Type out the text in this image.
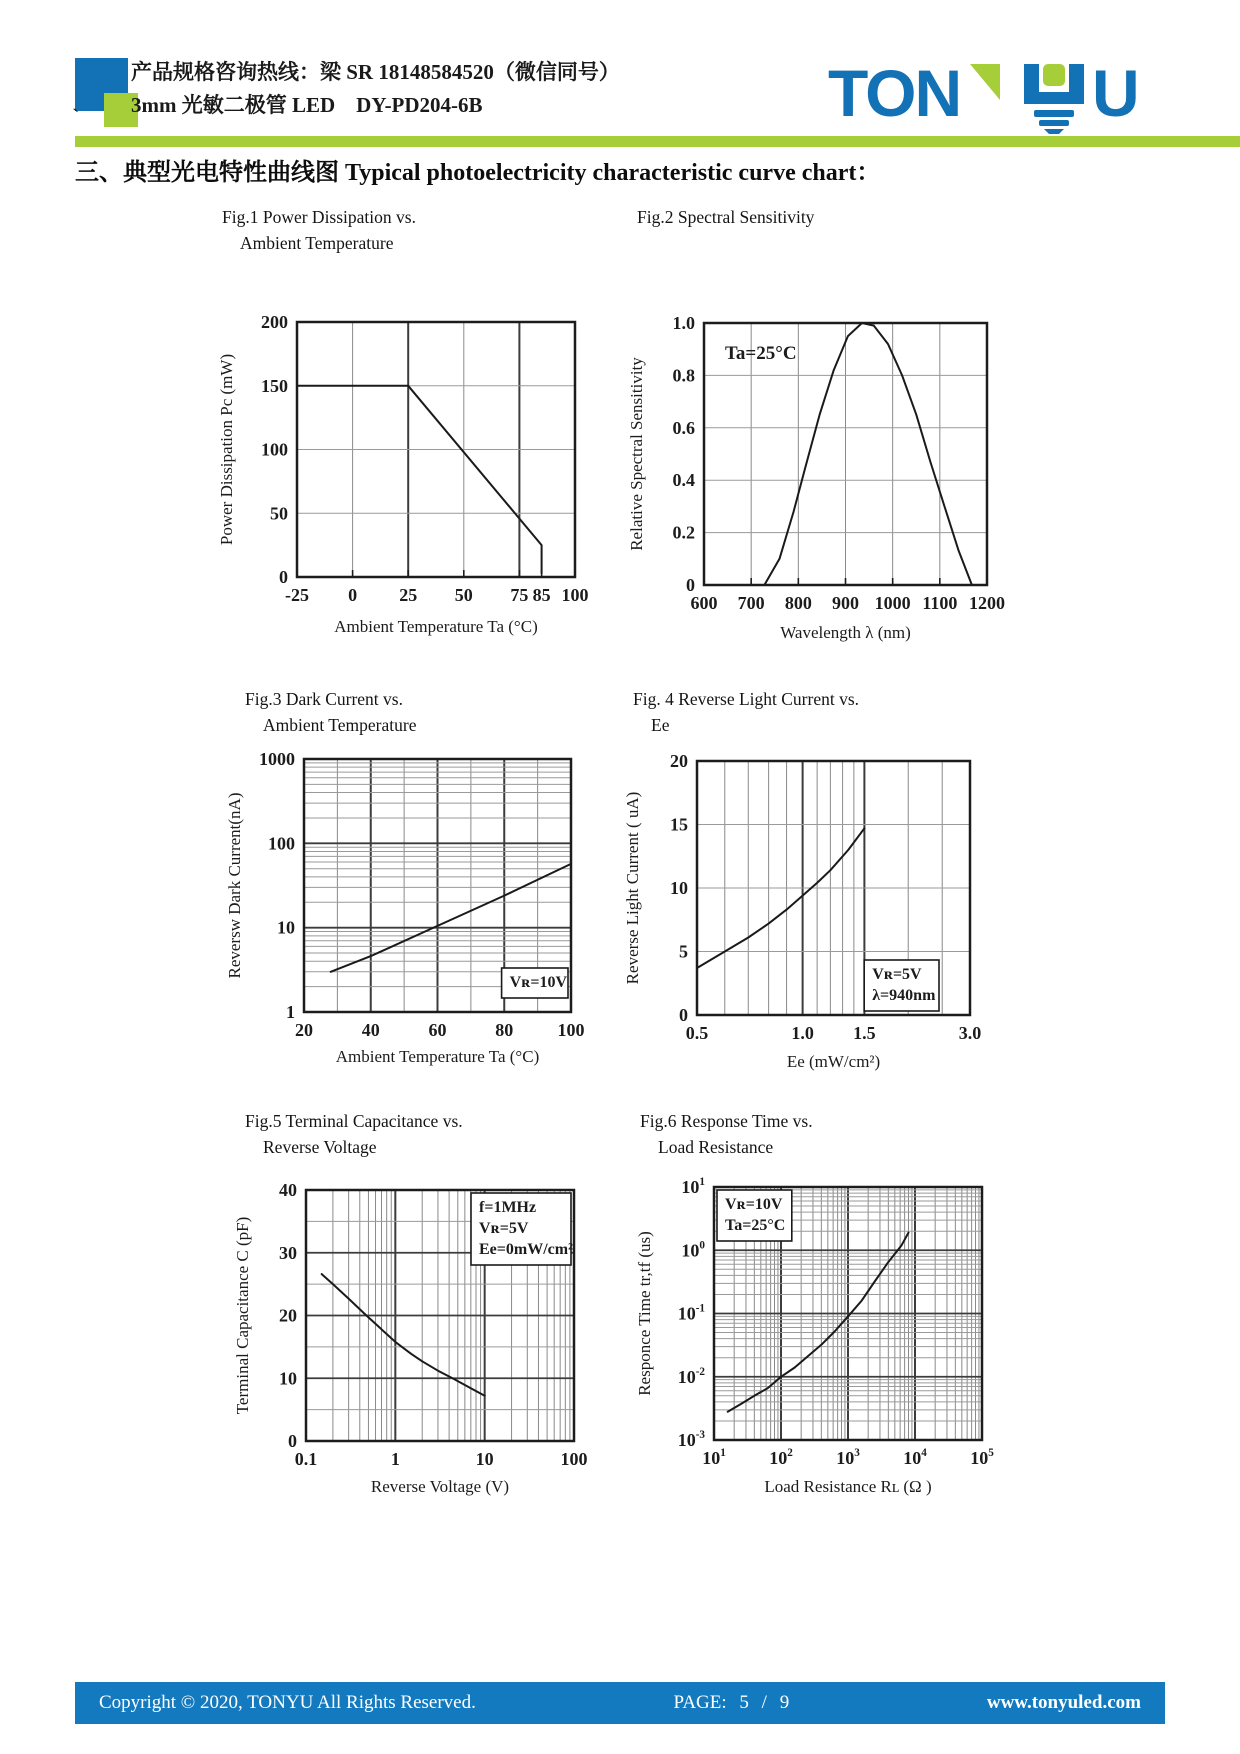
产品规格咨询热线：梁 SR 18148584520（微信同号）
3mm 光敏二极管 LED　DY-PD204-6B
`	TON U
三、典型光电特性曲线图 Typical photoelectricity characteristic curve chart：
Fig.1 Power Dissipation vs.
Ambient Temperature
Fig.2 Spectral Sensitivity
Fig.3 Dark Current vs.
Ambient Temperature
Fig. 4 Reverse Light Current vs.
Ee
Fig.5 Terminal Capacitance vs.
Reverse Voltage
Fig.6 Response Time vs.
Load Resistance
-25 0 25 50 75 85 100
0
50
100
150
200
Ambient Temperature Ta (°C)
Power Dissipation Pc (mW)
600 700 800 900 1000 1100 1200
0
0.2
0.4
0.6
0.8
1.0
Wavelength λ (nm)
Relative Spectral Sensitivity
Ta=25°C
20	40	60	80 100
1
10
100
1000
Ambient Temperature Ta (°C)
Reversw Dark Current(nA)
Vʀ=10V
0.5	1.0 1.5	3.0
0
5
10
15
20
Ee (mW/cm²)
Reverse Light Current ( uA)	Vʀ=5V
λ=940nm
0.1	1	10	100
0
10
20
30
40
Reverse Voltage (V)
Terminal Capacitance C (pF)
f=1MHz
Vʀ=5V
Ee=0mW/cm²
$10^1$ $10^2$ $10^3$ $10^4$ $10^5$
$10^1$
$10^0$
$10^{-1}$
$10^{-2}$
$10^{-3}$
Load Resistance Rʟ (Ω )
Responce Time tr,tf (us)
Vʀ=10V
Ta=25°C
Copyright © 2020, TONYU All Rights Reserved.	PAGE: 5 / 9	www.tonyuled.com
